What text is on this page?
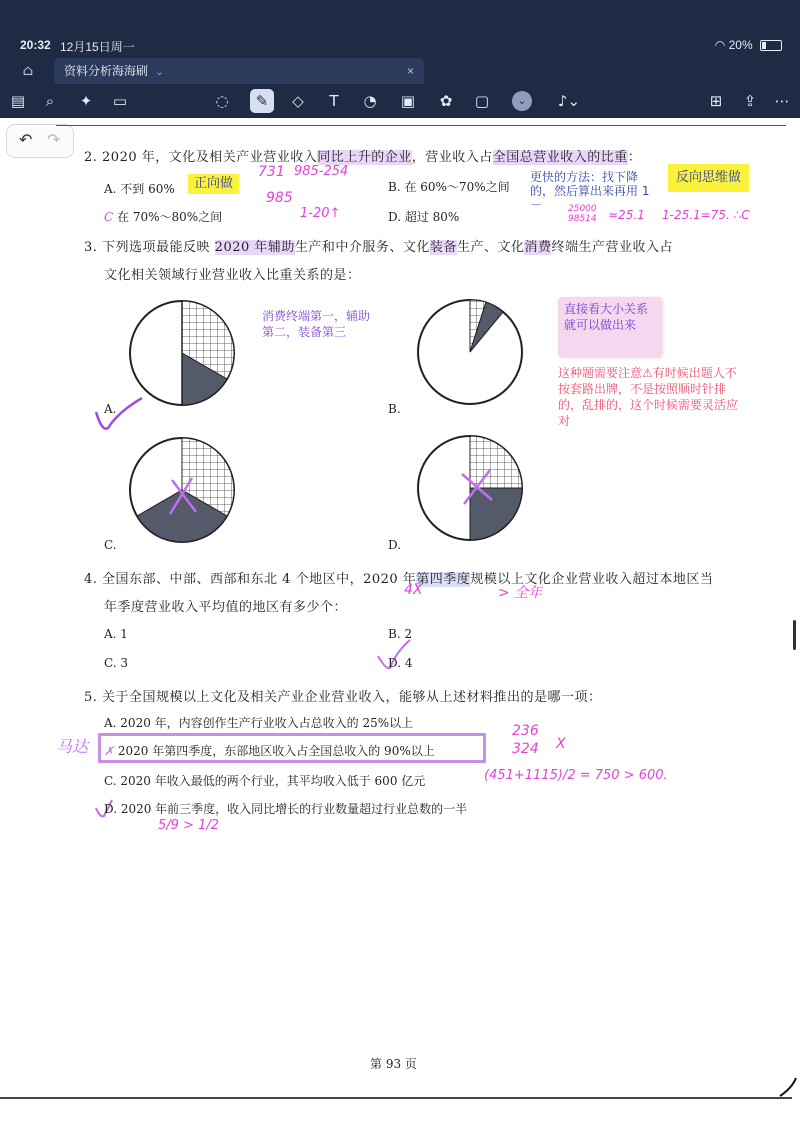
20:32 12月15日周一	◠ 20%
⌂	资料分析海海刷 ⌄	×
▤	⌕	✦	▭	◌	✎	◇	T	◔	▣	✿	▢	⌄	♪⌄	⊞	⇪	⋯
↶ ↷
2. 2020 年，文化及相关产业营业收入同比上升的企业，营业收入占全国总营业收入的比重：
A. 不到 60%	正向做
731 985-254
985
1-20↑
B. 在 60%～70%之间
反向思维做
更快的方法：找下降的，然后算出来再用 1－	25000
98514 ≈25.1 1-25.1=75. ∴C
C 在 70%～80%之间	D. 超过 80%
3. 下列选项最能反映 2020 年辅助生产和中介服务、文化装备生产、文化消费终端生产营业收入占
文化相关领域行业营业收入比重关系的是：
A.	B.
C.	D.
消费终端第一，辅助第二，装备第三
直接看大小关系就可以做出来
这种题需要注意⚠有时候出题人不按套路出牌，不是按照顺时针排的，乱排的，这个时候需要灵活应对
4. 全国东部、中部、西部和东北 4 个地区中，2020 年第四季度规模以上文化企业营业收入超过本地区当
年季度营业收入平均值的地区有多少个：
4X	> 全年
A. 1	B. 2
C. 3	D. 4
5. 关于全国规模以上文化及相关产业企业营业收入，能够从上述材料推出的是哪一项：
A. 2020 年，内容创作生产行业收入占总收入的 25%以上
马达 ✗ 2020 年第四季度，东部地区收入占全国总收入的 90%以上
236
324 X
C. 2020 年收入最低的两个行业，其平均收入低于 600 亿元	(451+1115)/2 = 750 > 600.
D. 2020 年前三季度，收入同比增长的行业数量超过行业总数的一半
5/9 > 1/2
第 93 页
